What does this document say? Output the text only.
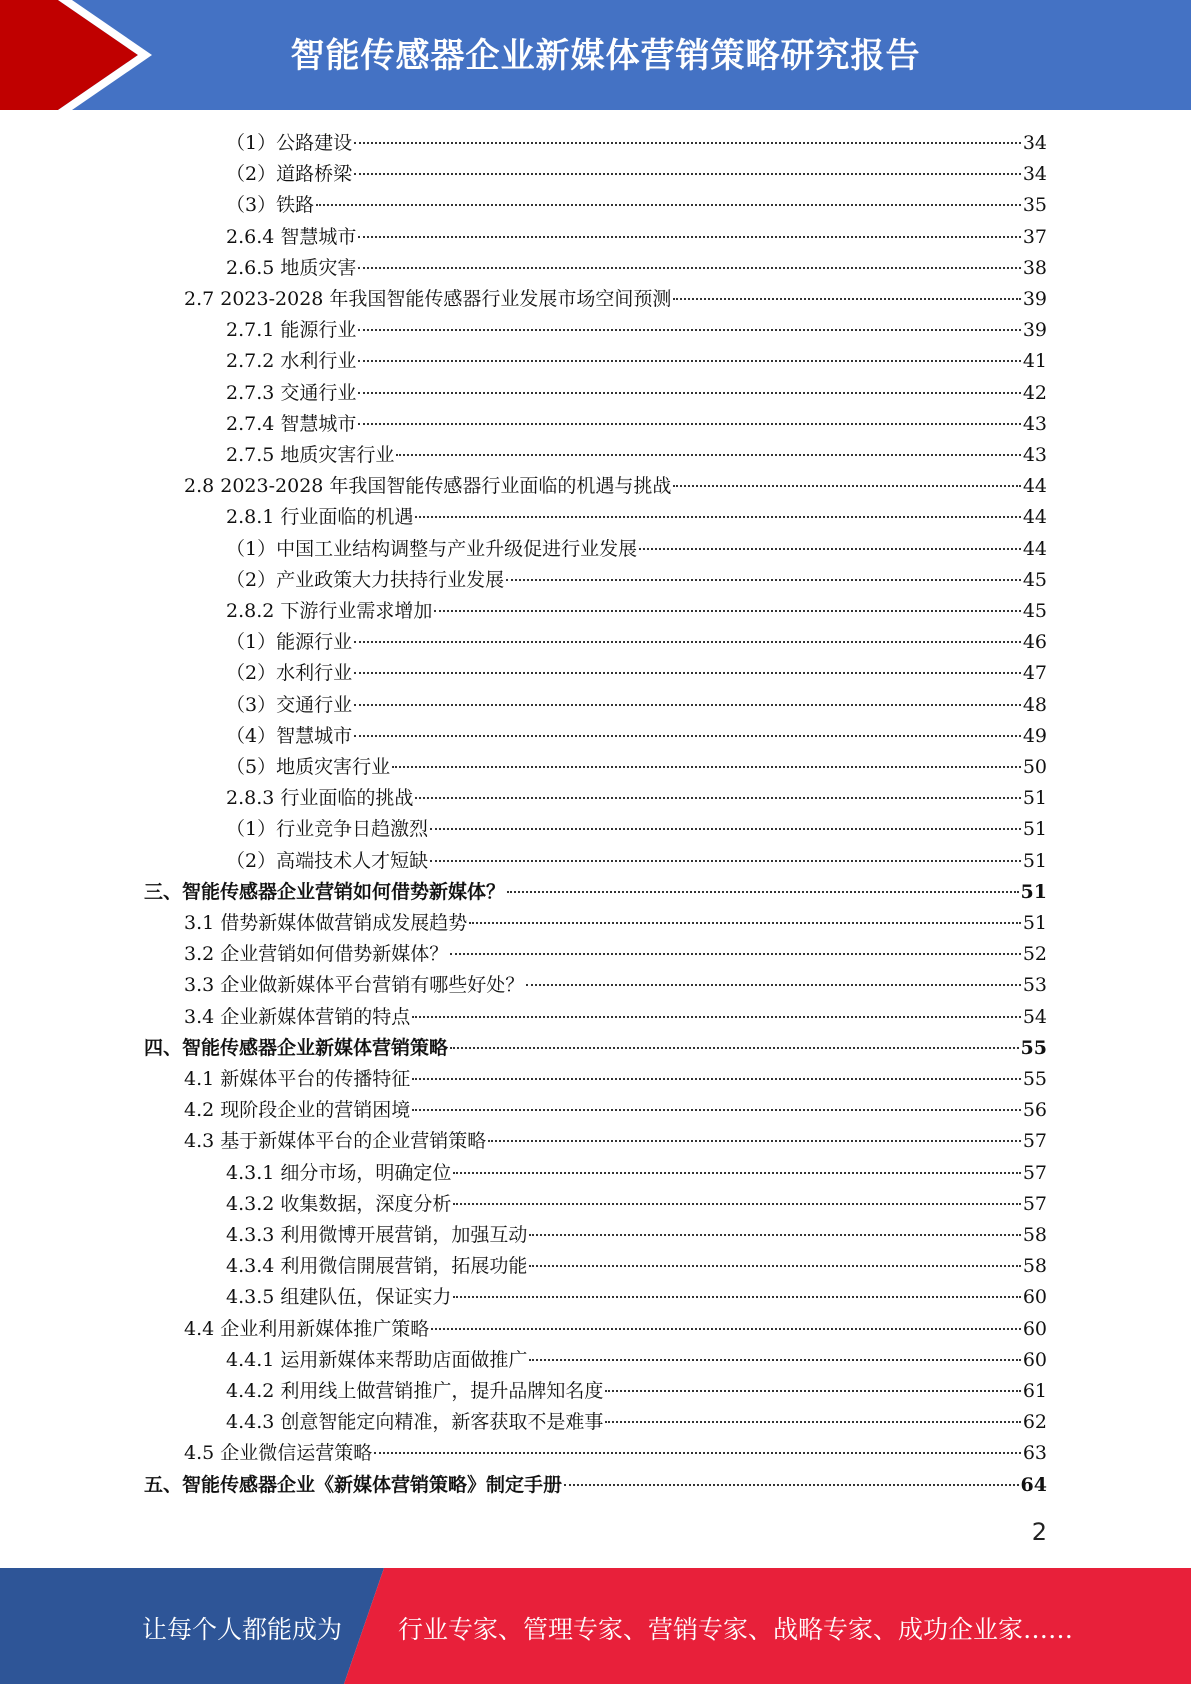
智能传感器企业新媒体营销策略研究报告
（1）公路建设	34
（2）道路桥梁	34
（3）铁路	35
2.6.4 智慧城市	37
2.6.5 地质灾害	38
2.7 2023-2028 年我国智能传感器行业发展市场空间预测	39
2.7.1 能源行业	39
2.7.2 水利行业	41
2.7.3 交通行业	42
2.7.4 智慧城市	43
2.7.5 地质灾害行业	43
2.8 2023-2028 年我国智能传感器行业面临的机遇与挑战	44
2.8.1 行业面临的机遇	44
（1）中国工业结构调整与产业升级促进行业发展	44
（2）产业政策大力扶持行业发展	45
2.8.2 下游行业需求增加	45
（1）能源行业	46
（2）水利行业	47
（3）交通行业	48
（4）智慧城市	49
（5）地质灾害行业	50
2.8.3 行业面临的挑战	51
（1）行业竞争日趋激烈	51
（2）高端技术人才短缺	51
三、智能传感器企业营销如何借势新媒体？	51
3.1 借势新媒体做营销成发展趋势	51
3.2 企业营销如何借势新媒体？	52
3.3 企业做新媒体平台营销有哪些好处？	53
3.4 企业新媒体营销的特点	54
四、智能传感器企业新媒体营销策略	55
4.1 新媒体平台的传播特征	55
4.2 现阶段企业的营销困境	56
4.3 基于新媒体平台的企业营销策略	57
4.3.1 细分市场，明确定位	57
4.3.2 收集数据，深度分析	57
4.3.3 利用微博开展营销，加强互动	58
4.3.4 利用微信開展营销，拓展功能	58
4.3.5 组建队伍，保证实力	60
4.4 企业利用新媒体推广策略	60
4.4.1 运用新媒体来帮助店面做推广	60
4.4.2 利用线上做营销推广，提升品牌知名度	61
4.4.3 创意智能定向精准，新客获取不是难事	62
4.5 企业微信运营策略	63
五、智能传感器企业《新媒体营销策略》制定手册	64
2
让每个人都能成为 行业专家、管理专家、营销专家、战略专家、成功企业家……
